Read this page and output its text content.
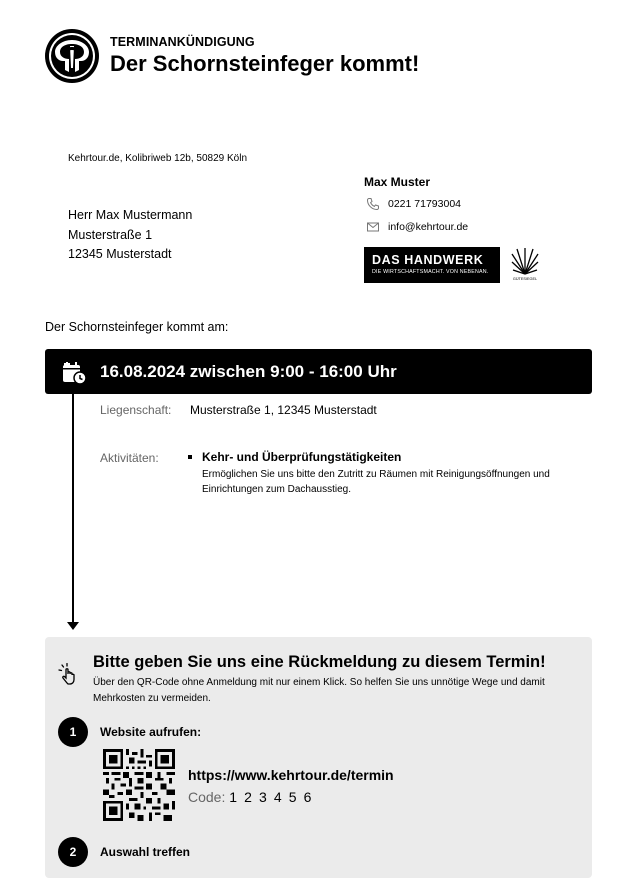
TERMINANKÜNDIGUNG
Der Schornsteinfeger kommt!
Kehrtour.de, Kolibriweb 12b, 50829 Köln
Herr Max Mustermann
Musterstraße 1
12345 Musterstadt
Max Muster
0221 71793004
info@kehrtour.de
DAS HANDWERK
DIE WIRTSCHAFTSMACHT. VON NEBENAN.
GÜTESIEGEL
Der Schornsteinfeger kommt am:
16.08.2024 zwischen 9:00 - 16:00 Uhr
Liegenschaft: Musterstraße 1, 12345 Musterstadt
Aktivitäten:	Kehr- und Überprüfungstätigkeiten
Ermöglichen Sie uns bitte den Zutritt zu Räumen mit Reinigungsöffnungen und Einrichtungen zum Dachausstieg.
Bitte geben Sie uns eine Rückmeldung zu diesem Termin!
Über den QR-Code ohne Anmeldung mit nur einem Klick. So helfen Sie uns unnötige Wege und damit Mehrkosten zu vermeiden.
1	Website aufrufen:
https://www.kehrtour.de/termin
Code: 1 2 3 4 5 6
2	Auswahl treffen
